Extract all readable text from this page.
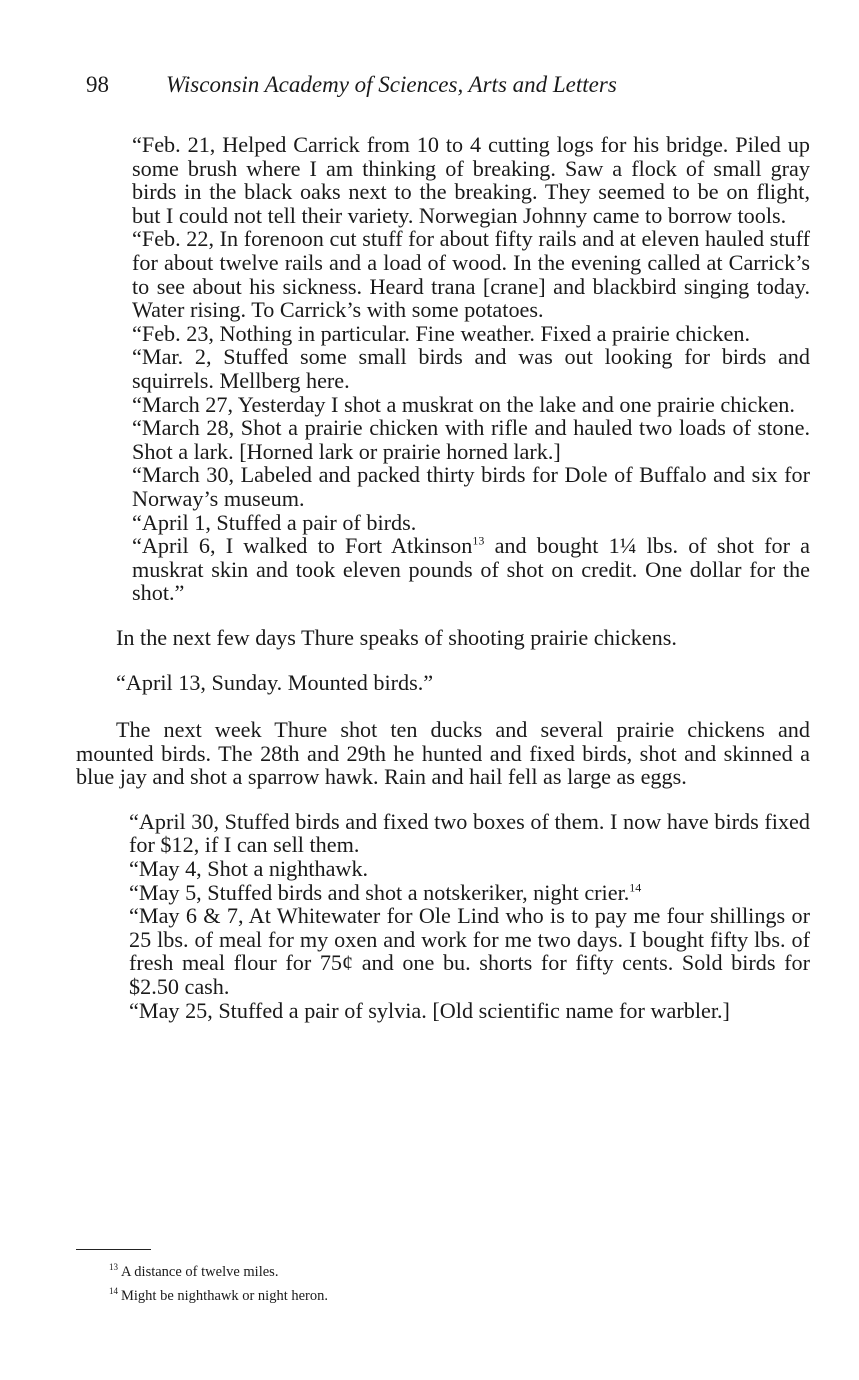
98 Wisconsin Academy of Sciences, Arts and Letters

“Feb. 21, Helped Carrick from 10 to 4 cutting logs for his bridge. Piled up some brush where I am thinking of breaking. Saw a flock of small gray birds in the black oaks next to the breaking. They seemed to be on flight, but I could not tell their variety. Norwegian Johnny came to borrow tools.

“Feb. 22, In forenoon cut stuff for about fifty rails and at eleven hauled stuff for about twelve rails and a load of wood. In the evening called at Carrick’s to see about his sickness. Heard trana [crane] and blackbird singing today. Water rising. To Carrick’s with some potatoes.

“Feb. 23, Nothing in particular. Fine weather. Fixed a prairie chicken.

“Mar. 2, Stuffed some small birds and was out looking for birds and squirrels. Mellberg here.

“March 27, Yesterday I shot a muskrat on the lake and one prairie chicken.

“March 28, Shot a prairie chicken with rifle and hauled two loads of stone. Shot a lark. [Horned lark or prairie horned lark.]

“March 30, Labeled and packed thirty birds for Dole of Buffalo and six for Norway’s museum.

“April 1, Stuffed a pair of birds.

“April 6, I walked to Fort Atkinson$^{13}$ and bought 1¼ lbs. of shot for a muskrat skin and took eleven pounds of shot on credit. One dollar for the shot.”

In the next few days Thure speaks of shooting prairie chickens.

“April 13, Sunday. Mounted birds.”

The next week Thure shot ten ducks and several prairie chickens and mounted birds. The 28th and 29th he hunted and fixed birds, shot and skinned a blue jay and shot a sparrow hawk. Rain and hail fell as large as eggs.

“April 30, Stuffed birds and fixed two boxes of them. I now have birds fixed for $12, if I can sell them.

“May 4, Shot a nighthawk.

“May 5, Stuffed birds and shot a notskeriker, night crier.$^{14}$

“May 6 & 7, At Whitewater for Ole Lind who is to pay me four shillings or 25 lbs. of meal for my oxen and work for me two days. I bought fifty lbs. of fresh meal flour for 75¢ and one bu. shorts for fifty cents. Sold birds for $2.50 cash.

“May 25, Stuffed a pair of sylvia. [Old scientific name for warbler.]

$^{13}$ A distance of twelve miles.

$^{14}$ Might be nighthawk or night heron.
